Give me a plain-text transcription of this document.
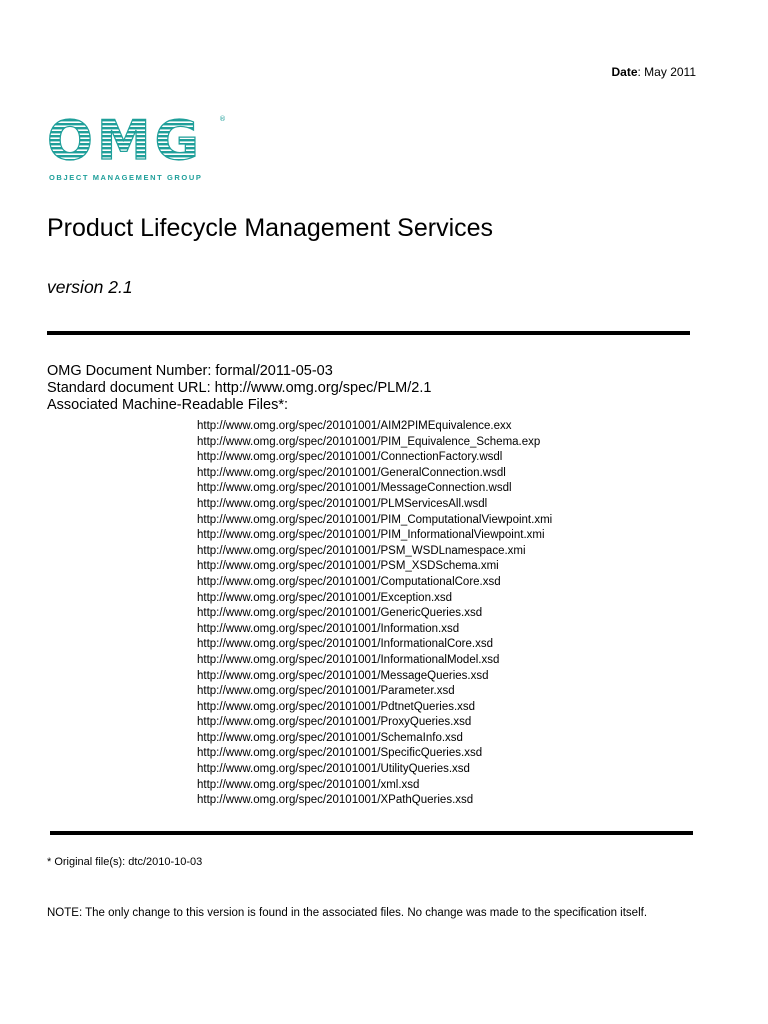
Date: May 2011
OMG ®
OBJECT MANAGEMENT GROUP
Product Lifecycle Management Services
version 2.1
OMG Document Number: formal/2011-05-03
Standard document URL: http://www.omg.org/spec/PLM/2.1
Associated Machine-Readable Files*:
http://www.omg.org/spec/20101001/AIM2PIMEquivalence.exx
http://www.omg.org/spec/20101001/PIM_Equivalence_Schema.exp
http://www.omg.org/spec/20101001/ConnectionFactory.wsdl
http://www.omg.org/spec/20101001/GeneralConnection.wsdl
http://www.omg.org/spec/20101001/MessageConnection.wsdl
http://www.omg.org/spec/20101001/PLMServicesAll.wsdl
http://www.omg.org/spec/20101001/PIM_ComputationalViewpoint.xmi
http://www.omg.org/spec/20101001/PIM_InformationalViewpoint.xmi
http://www.omg.org/spec/20101001/PSM_WSDLnamespace.xmi
http://www.omg.org/spec/20101001/PSM_XSDSchema.xmi
http://www.omg.org/spec/20101001/ComputationalCore.xsd
http://www.omg.org/spec/20101001/Exception.xsd
http://www.omg.org/spec/20101001/GenericQueries.xsd
http://www.omg.org/spec/20101001/Information.xsd
http://www.omg.org/spec/20101001/InformationalCore.xsd
http://www.omg.org/spec/20101001/InformationalModel.xsd
http://www.omg.org/spec/20101001/MessageQueries.xsd
http://www.omg.org/spec/20101001/Parameter.xsd
http://www.omg.org/spec/20101001/PdtnetQueries.xsd
http://www.omg.org/spec/20101001/ProxyQueries.xsd
http://www.omg.org/spec/20101001/SchemaInfo.xsd
http://www.omg.org/spec/20101001/SpecificQueries.xsd
http://www.omg.org/spec/20101001/UtilityQueries.xsd
http://www.omg.org/spec/20101001/xml.xsd
http://www.omg.org/spec/20101001/XPathQueries.xsd
* Original file(s): dtc/2010-10-03
NOTE: The only change to this version is found in the associated files. No change was made to the specification itself.
